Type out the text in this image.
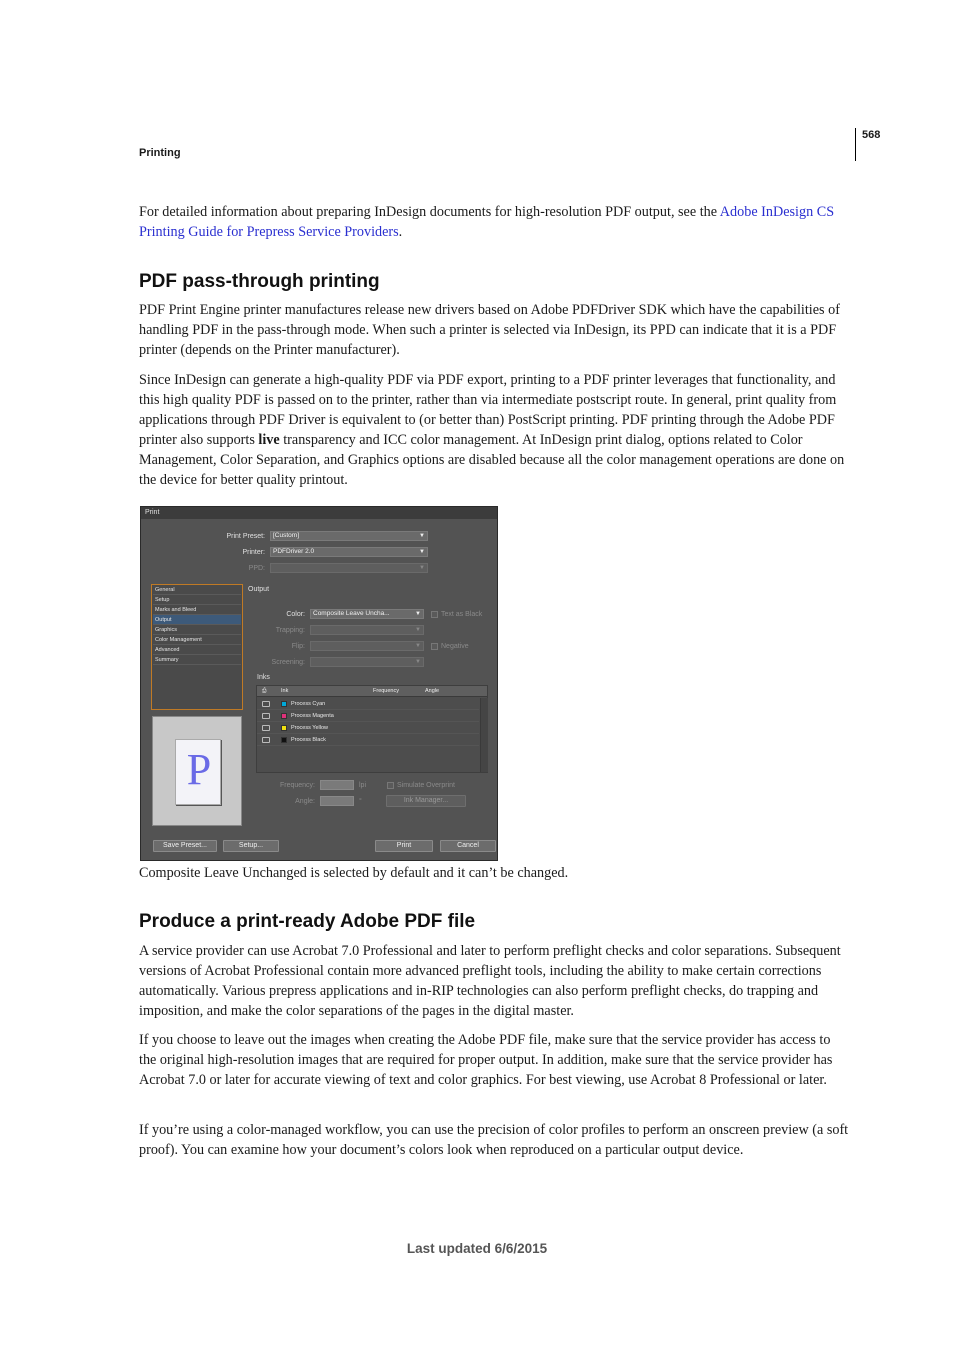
Printing
568

For detailed information about preparing InDesign documents for high-resolution PDF output, see the Adobe InDesign CS Printing Guide for Prepress Service Providers.

PDF pass-through printing

PDF Print Engine printer manufactures release new drivers based on Adobe PDFDriver SDK which have the capabilities of handling PDF in the pass-through mode. When such a printer is selected via InDesign, its PPD can indicate that it is a PDF printer (depends on the Printer manufacturer).

Since InDesign can generate a high-quality PDF via PDF export, printing to a PDF printer leverages that functionality, and this high quality PDF is passed on to the printer, rather than via intermediate postscript route. In general, print quality from applications through PDF Driver is equivalent to (or better than) PostScript printing. PDF printing through the Adobe PDF printer also supports live transparency and ICC color management. At InDesign print dialog, options related to Color Management, Color Separation, and Graphics options are disabled because all the color management operations are done on the device for better quality printout.

Print
Print Preset:	[Custom]	▼
Printer:	PDFDriver 2.0	▼
PPD:	▼
General
Setup
Marks and Bleed
Output
Graphics
Color Management
Advanced
Summary
P
Output
Color:	Composite Leave Uncha...	▼	Text as Black
Trapping:	▼
Flip:	▼	Negative
Screening:	▼
Inks
⎙	Ink	Frequency	Angle
Process Cyan
Process Magenta
Process Yellow
Process Black
Frequency:	lpi	Simulate Overprint
Angle:	°	Ink Manager...
Save Preset...	Setup...	Print	Cancel

Composite Leave Unchanged is selected by default and it can’t be changed.

Produce a print-ready Adobe PDF file

A service provider can use Acrobat 7.0 Professional and later to perform preflight checks and color separations. Subsequent versions of Acrobat Professional contain more advanced preflight tools, including the ability to make certain corrections automatically. Various prepress applications and in-RIP technologies can also perform preflight checks, do trapping and imposition, and make the color separations of the pages in the digital master.

If you choose to leave out the images when creating the Adobe PDF file, make sure that the service provider has access to the original high-resolution images that are required for proper output. In addition, make sure that the service provider has Acrobat 7.0 or later for accurate viewing of text and color graphics. For best viewing, use Acrobat 8 Professional or later.

If you’re using a color-managed workflow, you can use the precision of color profiles to perform an onscreen preview (a soft proof). You can examine how your document’s colors look when reproduced on a particular output device.

Last updated 6/6/2015
